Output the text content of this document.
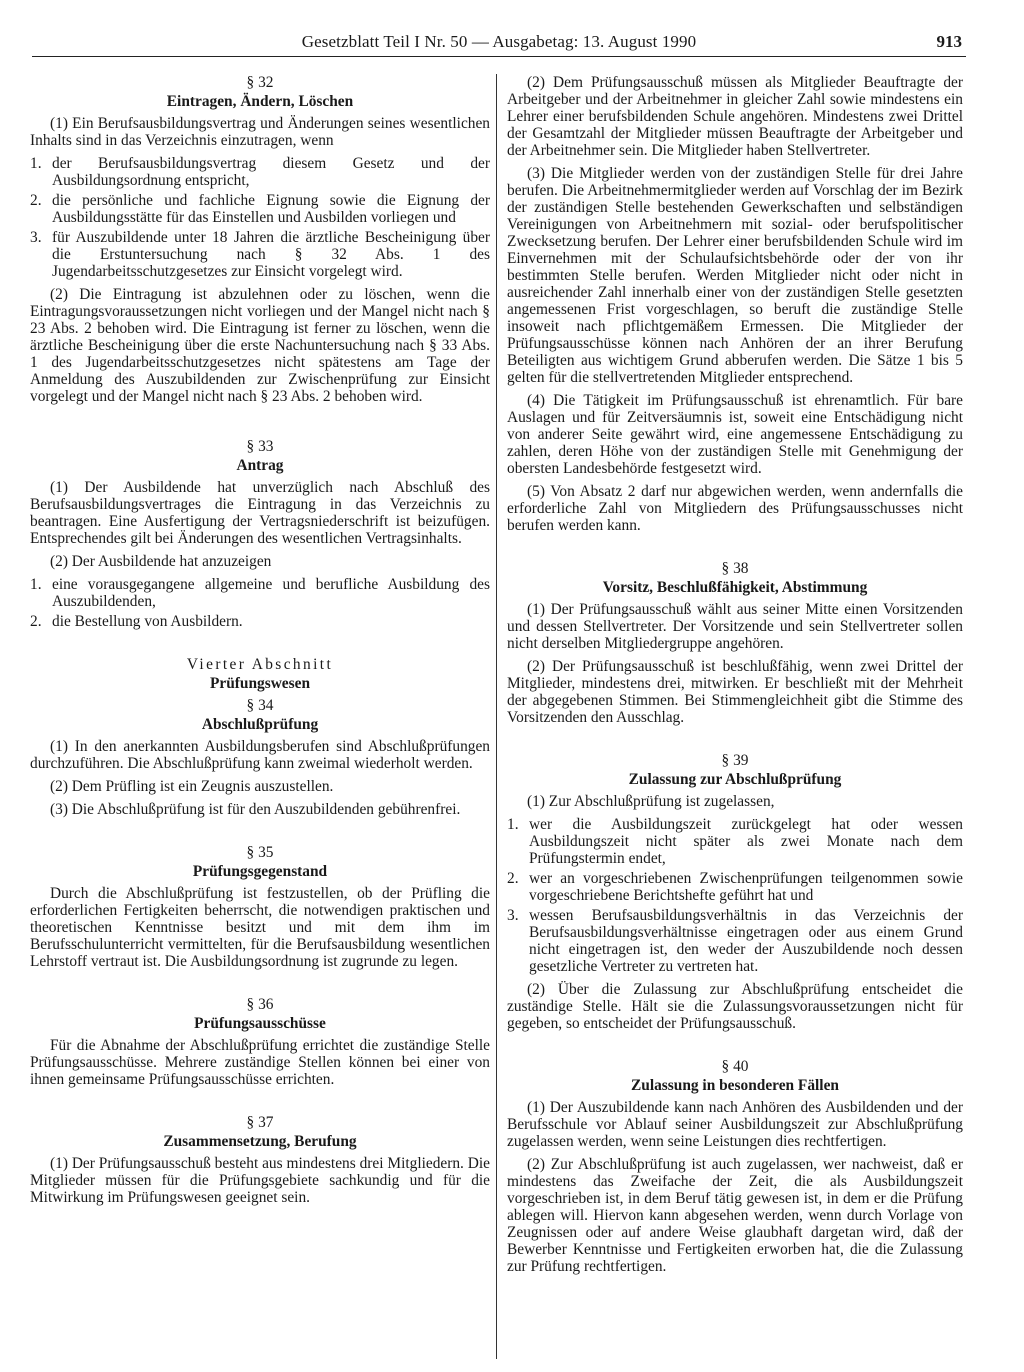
Gesetzblatt Teil I Nr. 50 — Ausgabetag: 13. August 1990	913

§ 32

Eintragen, Ändern, Löschen

(1) Ein Berufsausbildungsvertrag und Änderungen seines wesentlichen Inhalts sind in das Verzeichnis einzutragen, wenn

1. der Berufsausbildungsvertrag diesem Gesetz und der Ausbildungsordnung entspricht,
2. die persönliche und fachliche Eignung sowie die Eignung der Ausbildungsstätte für das Einstellen und Ausbilden vorliegen und
3. für Auszubildende unter 18 Jahren die ärztliche Bescheinigung über die Erstuntersuchung nach § 32 Abs. 1 des Jugendarbeitsschutzgesetzes zur Einsicht vorgelegt wird.

(2) Die Eintragung ist abzulehnen oder zu löschen, wenn die Eintragungsvoraussetzungen nicht vorliegen und der Mangel nicht nach § 23 Abs. 2 behoben wird. Die Eintragung ist ferner zu löschen, wenn die ärztliche Bescheinigung über die erste Nachuntersuchung nach § 33 Abs. 1 des Jugendarbeitsschutzgesetzes nicht spätestens am Tage der Anmeldung des Auszubildenden zur Zwischenprüfung zur Einsicht vorgelegt und der Mangel nicht nach § 23 Abs. 2 behoben wird.

§ 33

Antrag

(1) Der Ausbildende hat unverzüglich nach Abschluß des Berufsausbildungsvertrages die Eintragung in das Verzeichnis zu beantragen. Eine Ausfertigung der Vertragsniederschrift ist beizufügen. Entsprechendes gilt bei Änderungen des wesentlichen Vertragsinhalts.

(2) Der Ausbildende hat anzuzeigen

1. eine vorausgegangene allgemeine und berufliche Ausbildung des Auszubildenden,
2. die Bestellung von Ausbildern.

Vierter Abschnitt

Prüfungswesen

§ 34

Abschlußprüfung

(1) In den anerkannten Ausbildungsberufen sind Abschlußprüfungen durchzuführen. Die Abschlußprüfung kann zweimal wiederholt werden.

(2) Dem Prüfling ist ein Zeugnis auszustellen.

(3) Die Abschlußprüfung ist für den Auszubildenden gebührenfrei.

§ 35

Prüfungsgegenstand

Durch die Abschlußprüfung ist festzustellen, ob der Prüfling die erforderlichen Fertigkeiten beherrscht, die notwendigen praktischen und theoretischen Kenntnisse besitzt und mit dem ihm im Berufsschulunterricht vermittelten, für die Berufsausbildung wesentlichen Lehrstoff vertraut ist. Die Ausbildungsordnung ist zugrunde zu legen.

§ 36

Prüfungsausschüsse

Für die Abnahme der Abschlußprüfung errichtet die zuständige Stelle Prüfungsausschüsse. Mehrere zuständige Stellen können bei einer von ihnen gemeinsame Prüfungsausschüsse errichten.

§ 37

Zusammensetzung, Berufung

(1) Der Prüfungsausschuß besteht aus mindestens drei Mitgliedern. Die Mitglieder müssen für die Prüfungsgebiete sachkundig und für die Mitwirkung im Prüfungswesen geeignet sein.

(2) Dem Prüfungsausschuß müssen als Mitglieder Beauftragte der Arbeitgeber und der Arbeitnehmer in gleicher Zahl sowie mindestens ein Lehrer einer berufsbildenden Schule angehören. Mindestens zwei Drittel der Gesamtzahl der Mitglieder müssen Beauftragte der Arbeitgeber und der Arbeitnehmer sein. Die Mitglieder haben Stellvertreter.

(3) Die Mitglieder werden von der zuständigen Stelle für drei Jahre berufen. Die Arbeitnehmermitglieder werden auf Vorschlag der im Bezirk der zuständigen Stelle bestehenden Gewerkschaften und selbständigen Vereinigungen von Arbeitnehmern mit sozial- oder berufspolitischer Zwecksetzung berufen. Der Lehrer einer berufsbildenden Schule wird im Einvernehmen mit der Schulaufsichtsbehörde oder der von ihr bestimmten Stelle berufen. Werden Mitglieder nicht oder nicht in ausreichender Zahl innerhalb einer von der zuständigen Stelle gesetzten angemessenen Frist vorgeschlagen, so beruft die zuständige Stelle insoweit nach pflichtgemäßem Ermessen. Die Mitglieder der Prüfungsausschüsse können nach Anhören der an ihrer Berufung Beteiligten aus wichtigem Grund abberufen werden. Die Sätze 1 bis 5 gelten für die stellvertretenden Mitglieder entsprechend.

(4) Die Tätigkeit im Prüfungsausschuß ist ehrenamtlich. Für bare Auslagen und für Zeitversäumnis ist, soweit eine Entschädigung nicht von anderer Seite gewährt wird, eine angemessene Entschädigung zu zahlen, deren Höhe von der zuständigen Stelle mit Genehmigung der obersten Landesbehörde festgesetzt wird.

(5) Von Absatz 2 darf nur abgewichen werden, wenn andernfalls die erforderliche Zahl von Mitgliedern des Prüfungsausschusses nicht berufen werden kann.

§ 38

Vorsitz, Beschlußfähigkeit, Abstimmung

(1) Der Prüfungsausschuß wählt aus seiner Mitte einen Vorsitzenden und dessen Stellvertreter. Der Vorsitzende und sein Stellvertreter sollen nicht derselben Mitgliedergruppe angehören.

(2) Der Prüfungsausschuß ist beschlußfähig, wenn zwei Drittel der Mitglieder, mindestens drei, mitwirken. Er beschließt mit der Mehrheit der abgegebenen Stimmen. Bei Stimmengleichheit gibt die Stimme des Vorsitzenden den Ausschlag.

§ 39

Zulassung zur Abschlußprüfung

(1) Zur Abschlußprüfung ist zugelassen,

1. wer die Ausbildungszeit zurückgelegt hat oder wessen Ausbildungszeit nicht später als zwei Monate nach dem Prüfungstermin endet,
2. wer an vorgeschriebenen Zwischenprüfungen teilgenommen sowie vorgeschriebene Berichtshefte geführt hat und
3. wessen Berufsausbildungsverhältnis in das Verzeichnis der Berufsausbildungsverhältnisse eingetragen oder aus einem Grund nicht eingetragen ist, den weder der Auszubildende noch dessen gesetzliche Vertreter zu vertreten hat.

(2) Über die Zulassung zur Abschlußprüfung entscheidet die zuständige Stelle. Hält sie die Zulassungsvoraussetzungen nicht für gegeben, so entscheidet der Prüfungsausschuß.

§ 40

Zulassung in besonderen Fällen

(1) Der Auszubildende kann nach Anhören des Ausbildenden und der Berufsschule vor Ablauf seiner Ausbildungszeit zur Abschlußprüfung zugelassen werden, wenn seine Leistungen dies rechtfertigen.

(2) Zur Abschlußprüfung ist auch zugelassen, wer nachweist, daß er mindestens das Zweifache der Zeit, die als Ausbildungszeit vorgeschrieben ist, in dem Beruf tätig gewesen ist, in dem er die Prüfung ablegen will. Hiervon kann abgesehen werden, wenn durch Vorlage von Zeugnissen oder auf andere Weise glaubhaft dargetan wird, daß der Bewerber Kenntnisse und Fertigkeiten erworben hat, die die Zulassung zur Prüfung rechtfertigen.
